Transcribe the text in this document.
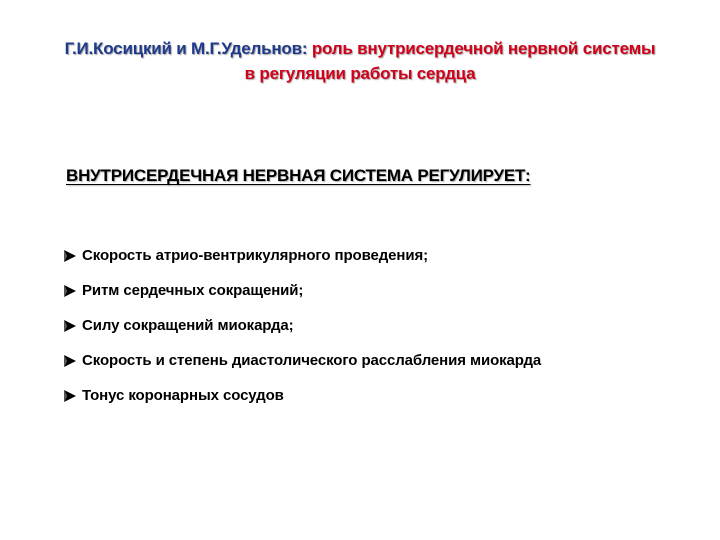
Г.И.Косицкий и М.Г.Удельнов: роль внутрисердечной нервной системы
в регуляции работы сердца
ВНУТРИСЕРДЕЧНАЯ НЕРВНАЯ СИСТЕМА РЕГУЛИРУЕТ:
Скорость атрио-вентрикулярного проведения;
Ритм сердечных сокращений;
Силу сокращений миокарда;
Скорость и степень диастолического расслабления миокарда
Тонус коронарных сосудов
